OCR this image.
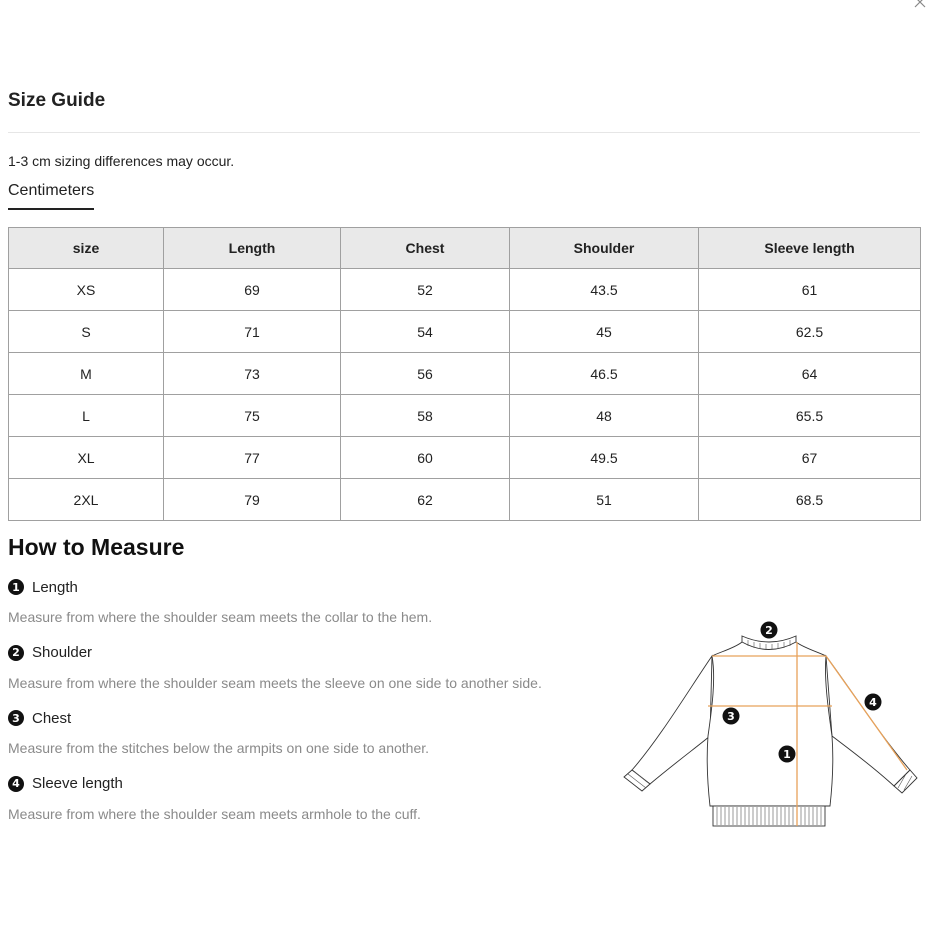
Size Guide
1-3 cm sizing differences may occur.
Centimeters
size	Length	Chest	Shoulder	Sleeve length
XS	69	52	43.5	61
S	71	54	45	62.5
M	73	56	46.5	64
L	75	58	48	65.5
XL	77	60	49.5	67
2XL	79	62	51	68.5
How to Measure
1 Length
Measure from where the shoulder seam meets the collar to the hem.
2 Shoulder
Measure from where the shoulder seam meets the sleeve on one side to another side.
3 Chest
Measure from the stitches below the armpits on one side to another.
4 Sleeve length
Measure from where the shoulder seam meets armhole to the cuff.
2
3
1
4
